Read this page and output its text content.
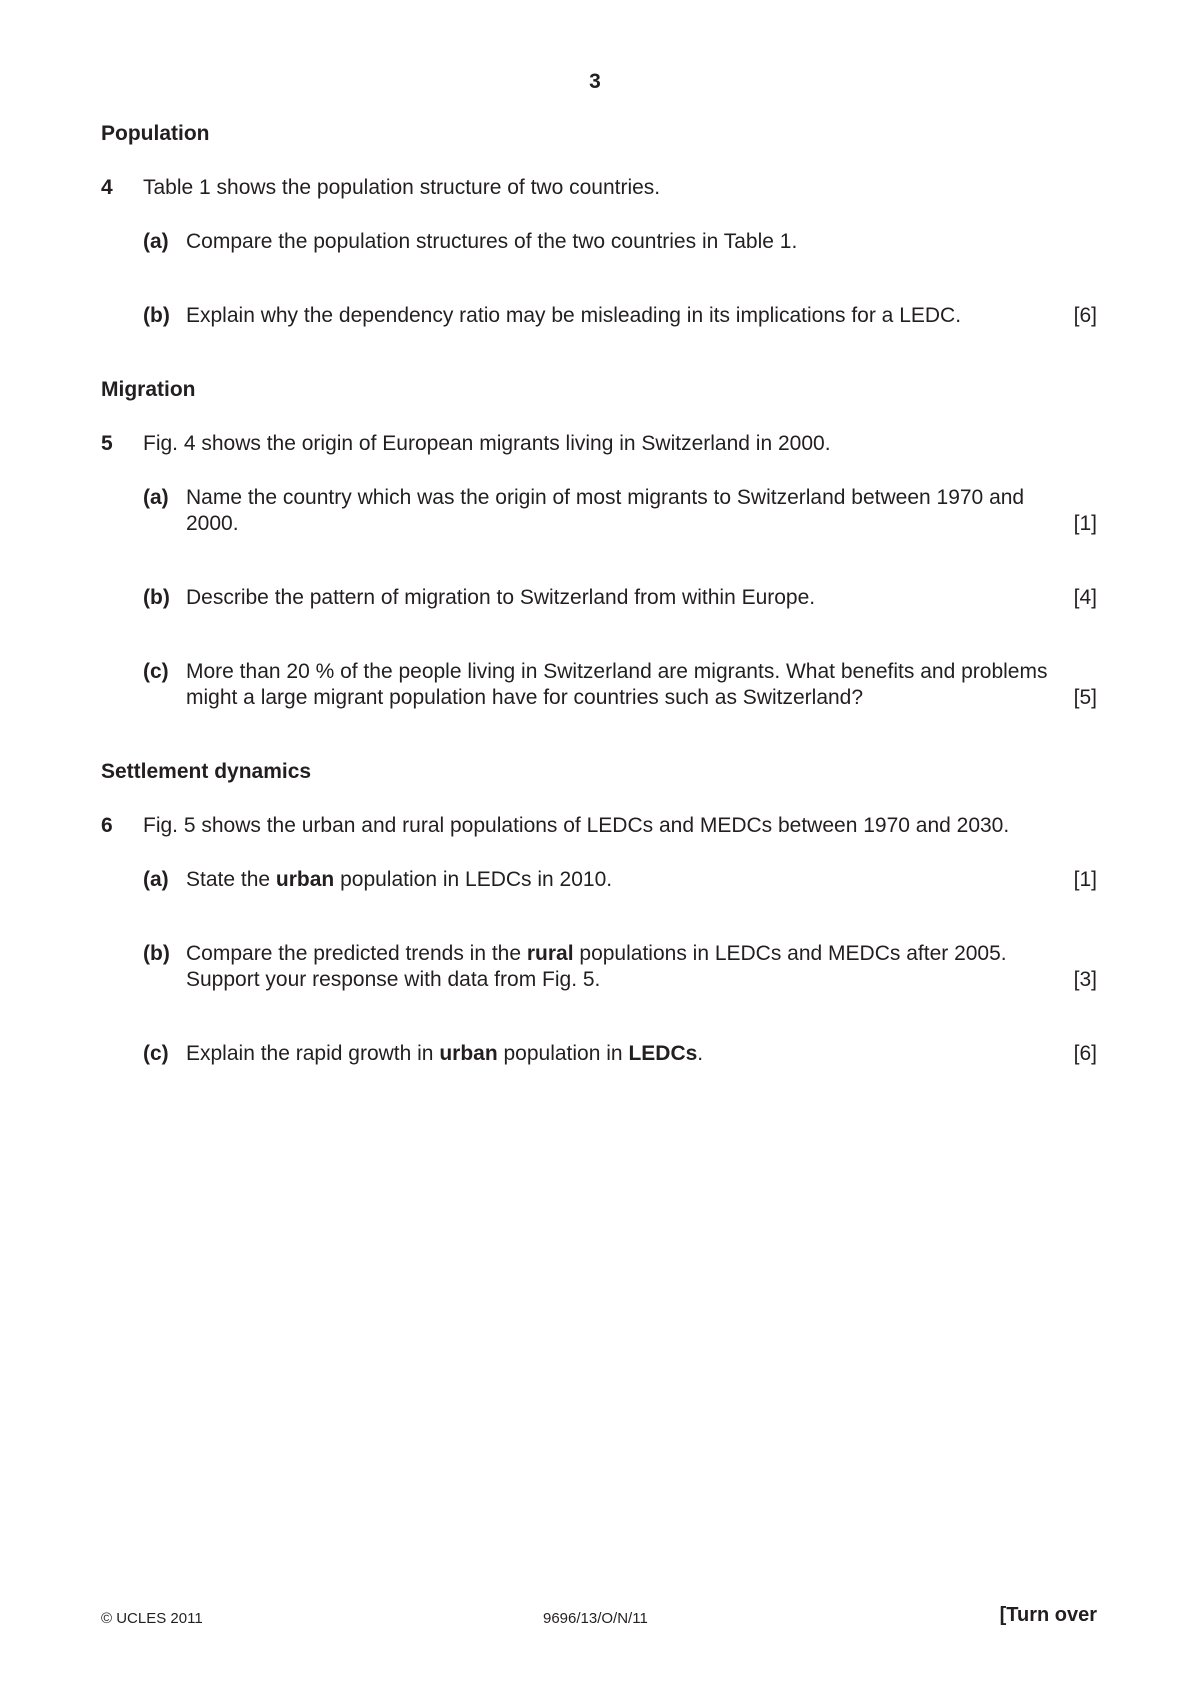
3
Population
4	Table 1 shows the population structure of two countries.
(a) Compare the population structures of the two countries in Table 1.
(b) Explain why the dependency ratio may be misleading in its implications for a LEDC.	[6]
Migration
5	Fig. 4 shows the origin of European migrants living in Switzerland in 2000.
(a) Name the country which was the origin of most migrants to Switzerland between 1970 and
2000.	[1]
(b) Describe the pattern of migration to Switzerland from within Europe.	[4]
(c) More than 20 % of the people living in Switzerland are migrants. What benefits and problems
might a large migrant population have for countries such as Switzerland?	[5]
Settlement dynamics
6	Fig. 5 shows the urban and rural populations of LEDCs and MEDCs between 1970 and 2030.
(a) State the urban population in LEDCs in 2010.	[1]
(b) Compare the predicted trends in the rural populations in LEDCs and MEDCs after 2005.
Support your response with data from Fig. 5.	[3]
(c) Explain the rapid growth in urban population in LEDCs.	[6]
© UCLES 2011	9696/13/O/N/11	[Turn over
